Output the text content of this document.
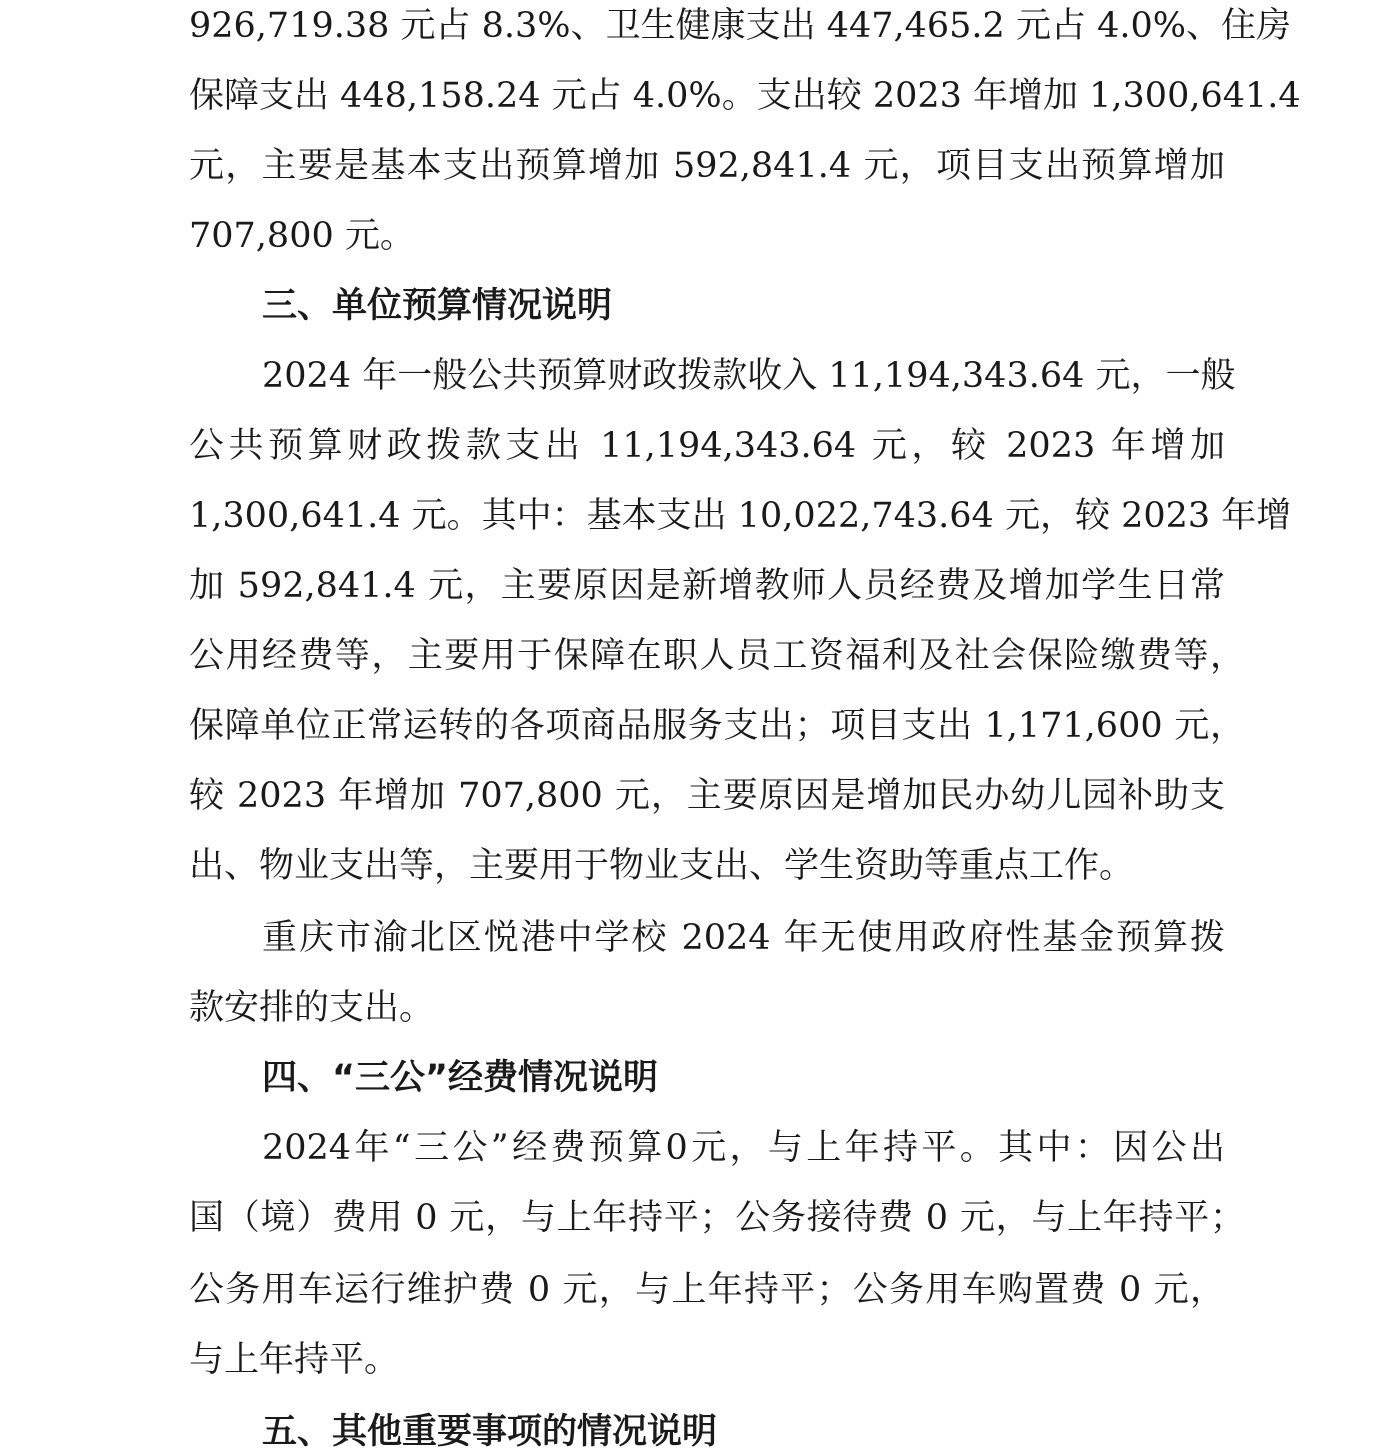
926,719.38 元占 8.3%、卫生健康支出 447,465.2 元占 4.0%、住房
保障支出 448,158.24 元占 4.0%。支出较 2023 年增加 1,300,641.4
元，主要是基本支出预算增加 592,841.4 元，项目支出预算增加
707,800 元。
三、单位预算情况说明
2024 年一般公共预算财政拨款收入 11,194,343.64 元，一般
公共预算财政拨款支出 11,194,343.64 元，较 2023 年增加
1,300,641.4 元。其中：基本支出 10,022,743.64 元，较 2023 年增
加 592,841.4 元，主要原因是新增教师人员经费及增加学生日常
公用经费等，主要用于保障在职人员工资福利及社会保险缴费等，
保障单位正常运转的各项商品服务支出；项目支出 1,171,600 元，
较 2023 年增加 707,800 元，主要原因是增加民办幼儿园补助支
出、物业支出等，主要用于物业支出、学生资助等重点工作。
重庆市渝北区悦港中学校 2024 年无使用政府性基金预算拨
款安排的支出。
四、“三公”经费情况说明
2024年“三公”经费预算0元，与上年持平。其中：因公出
国（境）费用 0 元，与上年持平；公务接待费 0 元，与上年持平；
公务用车运行维护费 0 元，与上年持平；公务用车购置费 0 元，
与上年持平。
五、其他重要事项的情况说明
